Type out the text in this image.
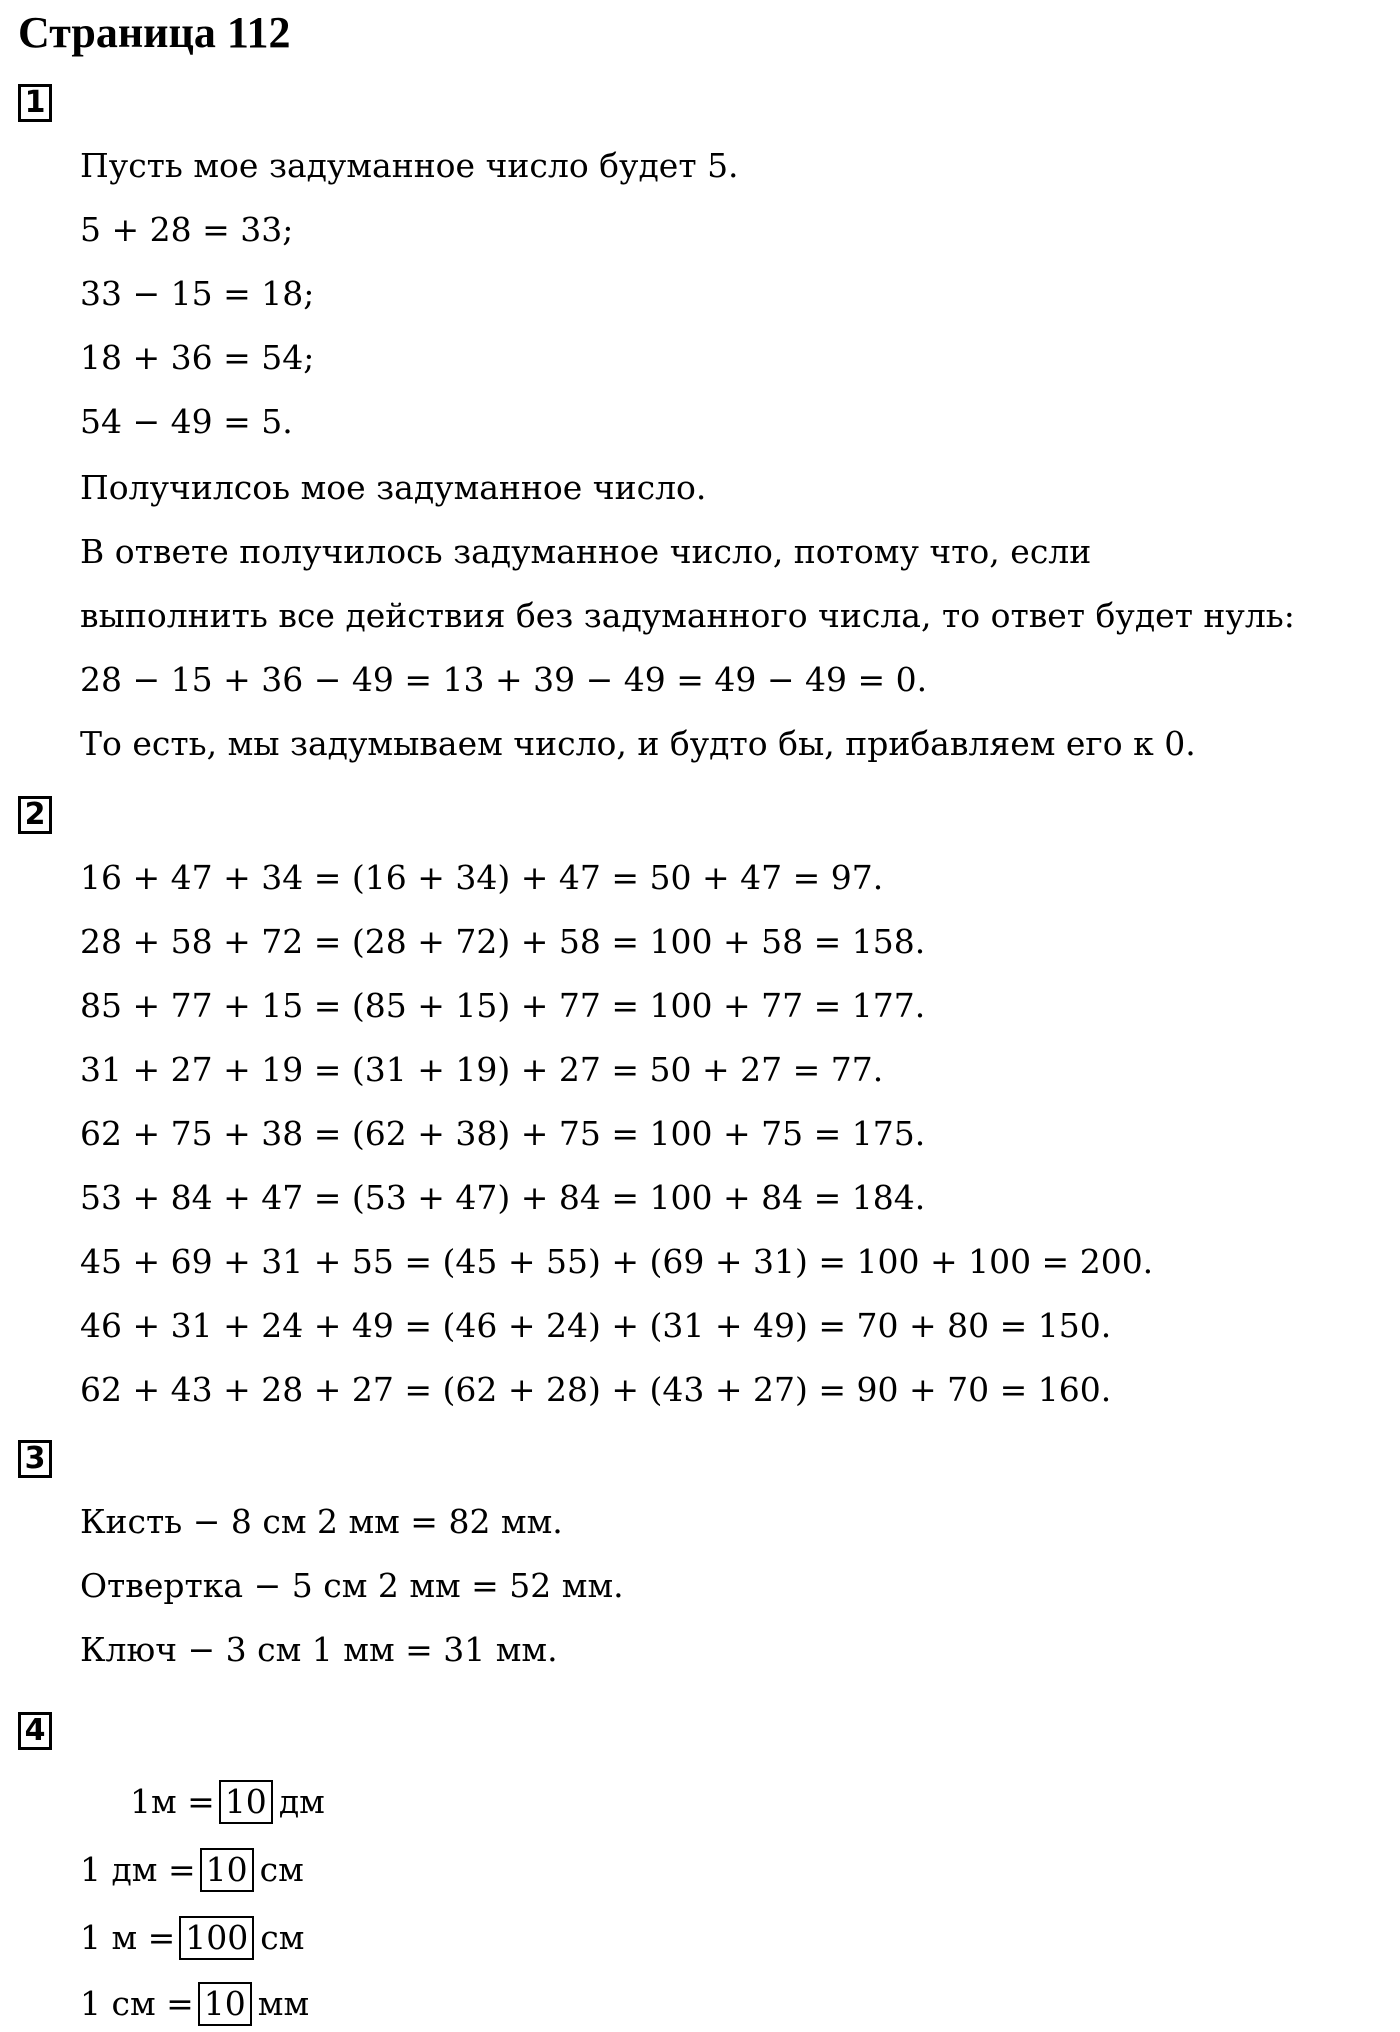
Страница 112
1
Пусть мое задуманное число будет 5.
5 + 28 = 33;
33 − 15 = 18;
18 + 36 = 54;
54 − 49 = 5.
Получилсоь мое задуманное число.
В ответе получилось задуманное число, потому что, если
выполнить все действия без задуманного числа, то ответ будет нуль:
28 − 15 + 36 − 49 = 13 + 39 − 49 = 49 − 49 = 0.
То есть, мы задумываем число, и будто бы, прибавляем его к 0.
2
16 + 47 + 34 = (16 + 34) + 47 = 50 + 47 = 97.
28 + 58 + 72 = (28 + 72) + 58 = 100 + 58 = 158.
85 + 77 + 15 = (85 + 15) + 77 = 100 + 77 = 177.
31 + 27 + 19 = (31 + 19) + 27 = 50 + 27 = 77.
62 + 75 + 38 = (62 + 38) + 75 = 100 + 75 = 175.
53 + 84 + 47 = (53 + 47) + 84 = 100 + 84 = 184.
45 + 69 + 31 + 55 = (45 + 55) + (69 + 31) = 100 + 100 = 200.
46 + 31 + 24 + 49 = (46 + 24) + (31 + 49) = 70 + 80 = 150.
62 + 43 + 28 + 27 = (62 + 28) + (43 + 27) = 90 + 70 = 160.
3
Кисть − 8 см 2 мм = 82 мм.
Отвертка − 5 см 2 мм = 52 мм.
Ключ − 3 см 1 мм = 31 мм.
4
1м = 10 дм
1 дм = 10 см
1 м = 100 см
1 см = 10 мм
